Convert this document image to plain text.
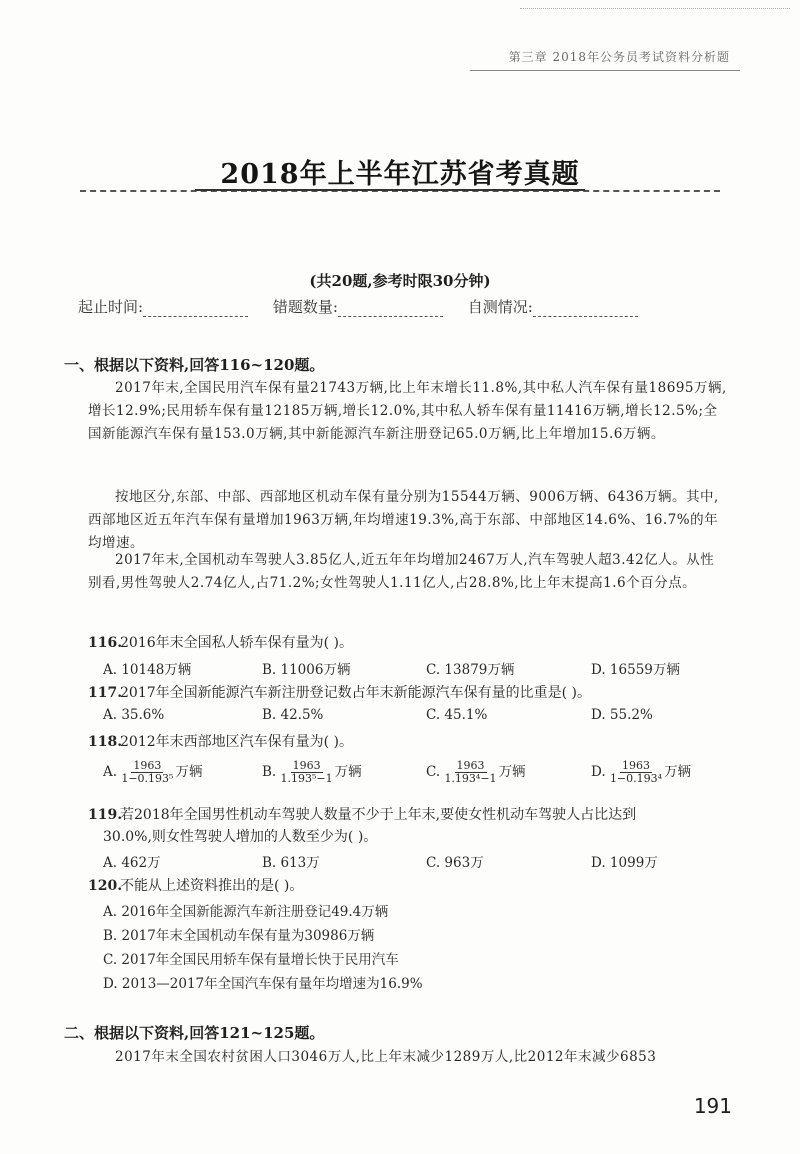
第三章 2018年公务员考试资料分析题
2018年上半年江苏省考真题
(共20题,参考时限30分钟)
起止时间:	错题数量:	自测情况:
一、根据以下资料,回答116~120题。
2017年末,全国民用汽车保有量21743万辆,比上年末增长11.8%,其中私人汽车保有量18695万辆,增长12.9%;民用轿车保有量12185万辆,增长12.0%,其中私人轿车保有量11416万辆,增长12.5%;全国新能源汽车保有量153.0万辆,其中新能源汽车新注册登记65.0万辆,比上年增加15.6万辆。
按地区分,东部、中部、西部地区机动车保有量分别为15544万辆、9006万辆、6436万辆。其中,西部地区近五年汽车保有量增加1963万辆,年均增速19.3%,高于东部、中部地区14.6%、16.7%的年均增速。
2017年末,全国机动车驾驶人3.85亿人,近五年年均增加2467万人,汽车驾驶人超3.42亿人。从性别看,男性驾驶人2.74亿人,占71.2%;女性驾驶人1.11亿人,占28.8%,比上年末提高1.6个百分点。
116.2016年末全国私人轿车保有量为( )。
A. 10148万辆	B. 11006万辆	C. 13879万辆	D. 16559万辆
117.2017年全国新能源汽车新注册登记数占年末新能源汽车保有量的比重是( )。
A. 35.6%	B. 42.5%	C. 45.1%	D. 55.2%
118.2012年末西部地区汽车保有量为( )。
A. $\frac{1963}{\text{1−0.193⁵}}$ 万辆	B. $\frac{1963}{\text{1.193⁵−1}}$ 万辆	C. $\frac{1963}{\text{1.193⁴−1}}$ 万辆	D. $\frac{1963}{\text{1−0.193⁴}}$ 万辆
119.若2018年全国男性机动车驾驶人数量不少于上年末,要使女性机动车驾驶人占比达到
30.0%,则女性驾驶人增加的人数至少为( )。
A. 462万	B. 613万	C. 963万	D. 1099万
120.不能从上述资料推出的是( )。
A. 2016年全国新能源汽车新注册登记49.4万辆
B. 2017年末全国机动车保有量为30986万辆
C. 2017年全国民用轿车保有量增长快于民用汽车
D. 2013—2017年全国汽车保有量年均增速为16.9%
二、根据以下资料,回答121~125题。
2017年末全国农村贫困人口3046万人,比上年末减少1289万人,比2012年末减少6853
191
